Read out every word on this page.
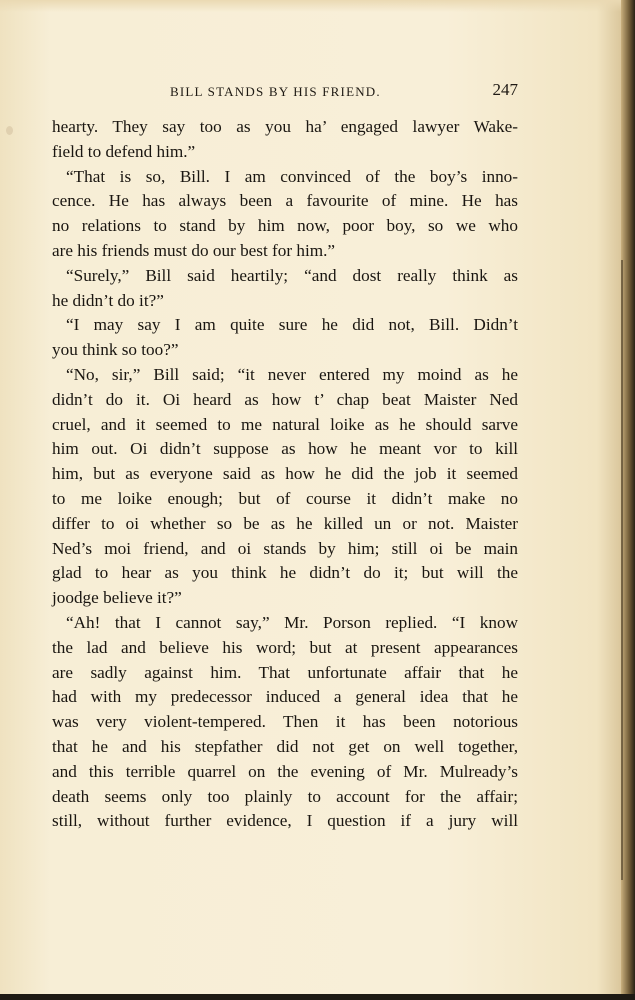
BILL STANDS BY HIS FRIEND.	247
hearty. They say too as you ha’ engaged lawyer Wake-
field to defend him.”
“That is so, Bill. I am convinced of the boy’s inno-
cence. He has always been a favourite of mine. He has
no relations to stand by him now, poor boy, so we who
are his friends must do our best for him.”
“Surely,” Bill said heartily; “and dost really think as
he didn’t do it?”
“I may say I am quite sure he did not, Bill. Didn’t
you think so too?”
“No, sir,” Bill said; “it never entered my moind as he
didn’t do it. Oi heard as how t’ chap beat Maister Ned
cruel, and it seemed to me natural loike as he should sarve
him out. Oi didn’t suppose as how he meant vor to kill
him, but as everyone said as how he did the job it seemed
to me loike enough; but of course it didn’t make no
differ to oi whether so be as he killed un or not. Maister
Ned’s moi friend, and oi stands by him; still oi be main
glad to hear as you think he didn’t do it; but will the
joodge believe it?”
“Ah! that I cannot say,” Mr. Porson replied. “I know
the lad and believe his word; but at present appearances
are sadly against him. That unfortunate affair that he
had with my predecessor induced a general idea that he
was very violent-tempered. Then it has been notorious
that he and his stepfather did not get on well together,
and this terrible quarrel on the evening of Mr. Mulready’s
death seems only too plainly to account for the affair;
still, without further evidence, I question if a jury will
